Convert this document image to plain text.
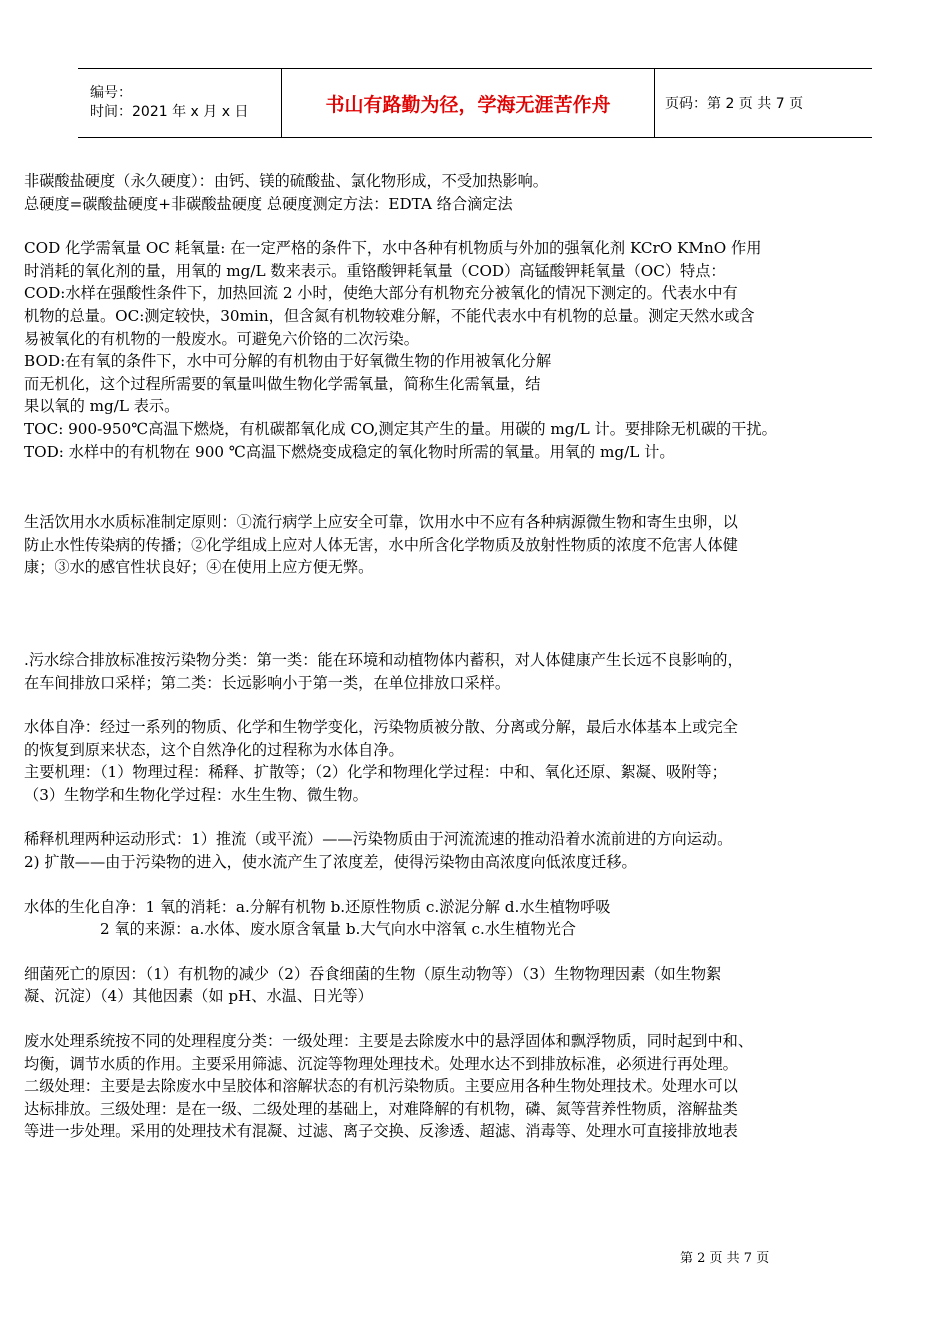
编号：
时间：2021 年 x 月 x 日	书山有路勤为径，学海无涯苦作舟	页码：第 2 页 共 7 页

非碳酸盐硬度（永久硬度）：由钙、镁的硫酸盐、氯化物形成，不受加热影响。

总硬度=碳酸盐硬度+非碳酸盐硬度 总硬度测定方法：EDTA 络合滴定法

COD 化学需氧量 OC 耗氧量: 在一定严格的条件下，水中各种有机物质与外加的强氧化剂 KCrO KMnO 作用

时消耗的氧化剂的量，用氧的 mg/L 数来表示。重铬酸钾耗氧量（COD）高锰酸钾耗氧量（OC）特点：

COD:水样在强酸性条件下，加热回流 2 小时，使绝大部分有机物充分被氧化的情况下测定的。代表水中有

机物的总量。OC:测定较快，30min，但含氮有机物较难分解，不能代表水中有机物的总量。测定天然水或含

易被氧化的有机物的一般废水。可避免六价铬的二次污染。

BOD:在有氧的条件下，水中可分解的有机物由于好氧微生物的作用被氧化分解

而无机化，这个过程所需要的氧量叫做生物化学需氧量，简称生化需氧量，结

果以氧的 mg/L 表示。

TOC: 900-950℃高温下燃烧，有机碳都氧化成 CO,测定其产生的量。用碳的 mg/L 计。要排除无机碳的干扰。

TOD: 水样中的有机物在 900 ℃高温下燃烧变成稳定的氧化物时所需的氧量。用氧的 mg/L 计。

生活饮用水水质标准制定原则：①流行病学上应安全可靠，饮用水中不应有各种病源微生物和寄生虫卵，以

防止水性传染病的传播；②化学组成上应对人体无害，水中所含化学物质及放射性物质的浓度不危害人体健

康；③水的感官性状良好；④在使用上应方便无弊。

.污水综合排放标准按污染物分类：第一类：能在环境和动植物体内蓄积，对人体健康产生长远不良影响的，

在车间排放口采样；第二类：长远影响小于第一类，在单位排放口采样。

水体自净：经过一系列的物质、化学和生物学变化，污染物质被分散、分离或分解，最后水体基本上或完全

的恢复到原来状态，这个自然净化的过程称为水体自净。

主要机理：（1）物理过程：稀释、扩散等；（2）化学和物理化学过程：中和、氧化还原、絮凝、吸附等；

（3）生物学和生物化学过程：水生生物、微生物。

稀释机理两种运动形式：1）推流（或平流）——污染物质由于河流流速的推动沿着水流前进的方向运动。

2) 扩散——由于污染物的进入，使水流产生了浓度差，使得污染物由高浓度向低浓度迁移。

水体的生化自净：1 氧的消耗：a.分解有机物 b.还原性物质 c.淤泥分解 d.水生植物呼吸

2 氧的来源：a.水体、废水原含氧量 b.大气向水中溶氧 c.水生植物光合

细菌死亡的原因：（1）有机物的减少（2）吞食细菌的生物（原生动物等）（3）生物物理因素（如生物絮

凝、沉淀）（4）其他因素（如 pH、水温、日光等）

废水处理系统按不同的处理程度分类：一级处理：主要是去除废水中的悬浮固体和飘浮物质，同时起到中和、

均衡，调节水质的作用。主要采用筛滤、沉淀等物理处理技术。处理水达不到排放标准，必须进行再处理。

二级处理：主要是去除废水中呈胶体和溶解状态的有机污染物质。主要应用各种生物处理技术。处理水可以

达标排放。三级处理：是在一级、二级处理的基础上，对难降解的有机物，磷、氮等营养性物质，溶解盐类

等进一步处理。采用的处理技术有混凝、过滤、离子交换、反渗透、超滤、消毒等、处理水可直接排放地表

第 2 页 共 7 页
